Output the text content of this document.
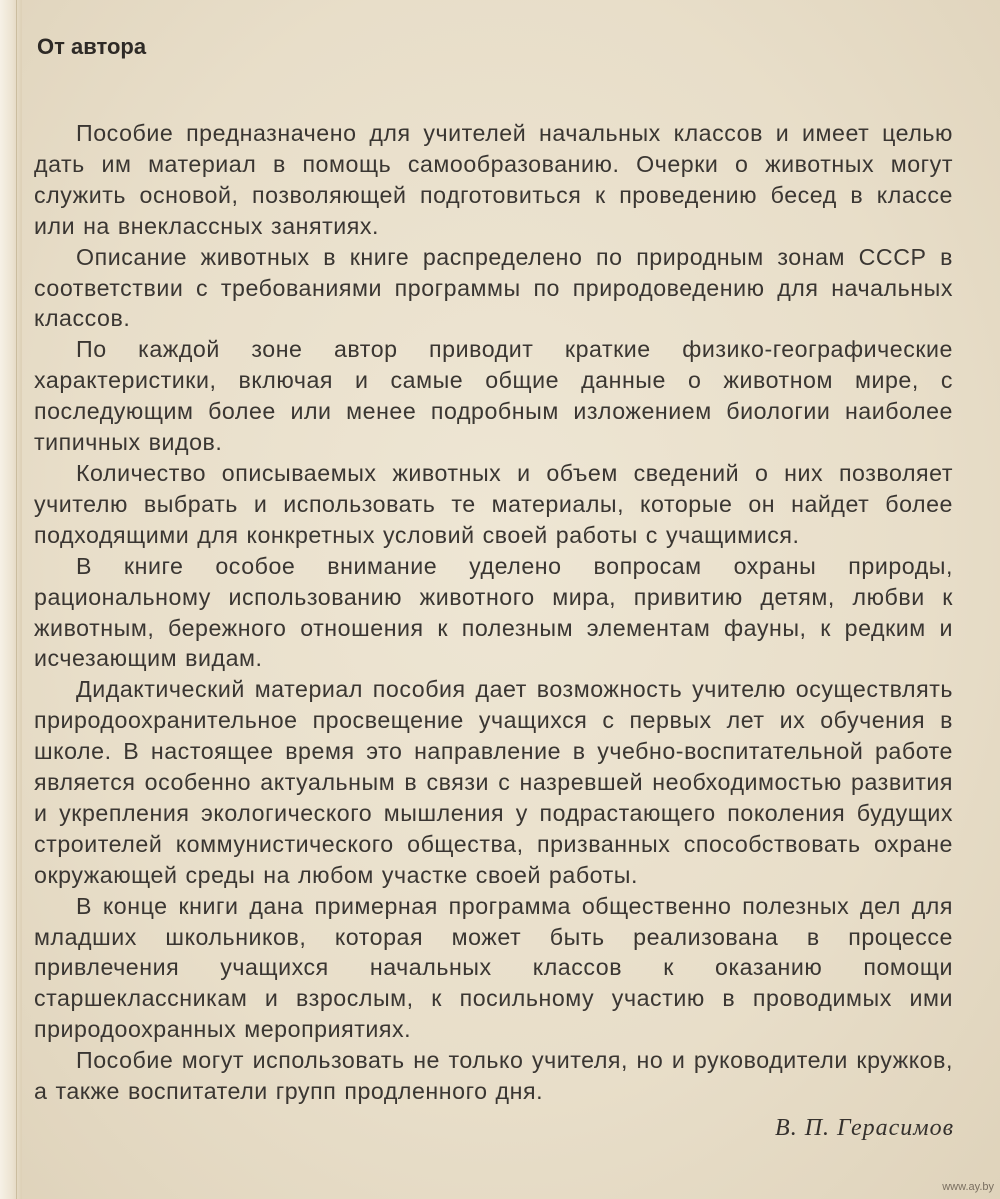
От автора

Пособие предназначено для учителей начальных классов и имеет целью дать им материал в помощь самообразованию. Очерки о животных могут служить основой, позволяющей подготовиться к проведению бесед в классе или на внеклассных занятиях.

Описание животных в книге распределено по природным зонам СССР в соответствии с требованиями программы по природоведению для начальных классов.

По каждой зоне автор приводит краткие физико-географические характеристики, включая и самые общие данные о животном мире, с последующим более или менее подробным изложением биологии наиболее типичных видов.

Количество описываемых животных и объем сведений о них позволяет учителю выбрать и использовать те материалы, которые он найдет более подходящими для конкретных условий своей работы с учащимися.

В книге особое внимание уделено вопросам охраны природы, рациональному использованию животного мира, привитию детям, любви к животным, бережного отношения к полезным элементам фауны, к редким и исчезающим видам.

Дидактический материал пособия дает возможность учителю осуществлять природоохранительное просвещение учащихся с первых лет их обучения в школе. В настоящее время это направление в учебно-воспитательной работе является особенно актуальным в связи с назревшей необходимостью развития и укрепления экологического мышления у подрастающего поколения будущих строителей коммунистического общества, призванных способствовать охране окружающей среды на любом участке своей работы.

В конце книги дана примерная программа общественно полезных дел для младших школьников, которая может быть реализована в процессе привлечения учащихся начальных классов к оказанию помощи старшеклассникам и взрослым, к посильному участию в проводимых ими природоохранных мероприятиях.

Пособие могут использовать не только учителя, но и руководители кружков, а также воспитатели групп продленного дня.

В. П. Герасимов
www.ay.by
